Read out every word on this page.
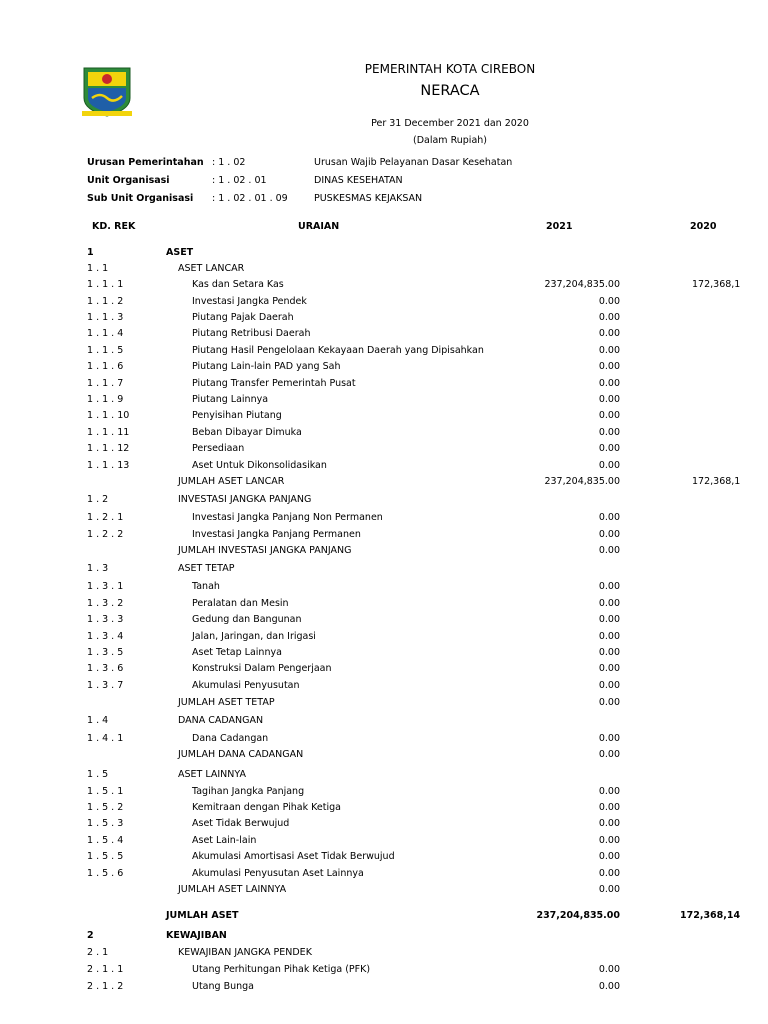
PEMERINTAH KOTA CIREBON
NERACA
Per 31 December 2021 dan 2020
(Dalam Rupiah)
Urusan Pemerintahan : 1 . 02	Urusan Wajib Pelayanan Dasar Kesehatan
Unit Organisasi	: 1 . 02 . 01	DINAS KESEHATAN
Sub Unit Organisasi : 1 . 02 . 01 . 09	PUSKESMAS KEJAKSAN
KD. REK	URAIAN	2021	2020
1	ASET
1 . 1	ASET LANCAR
1 . 1 . 1	Kas dan Setara Kas	237,204,835.00	172,368,1
1 . 1 . 2	Investasi Jangka Pendek	0.00
1 . 1 . 3	Piutang Pajak Daerah	0.00
1 . 1 . 4	Piutang Retribusi Daerah	0.00
1 . 1 . 5	Piutang Hasil Pengelolaan Kekayaan Daerah yang Dipisahkan	0.00
1 . 1 . 6	Piutang Lain-lain PAD yang Sah	0.00
1 . 1 . 7	Piutang Transfer Pemerintah Pusat	0.00
1 . 1 . 9	Piutang Lainnya	0.00
1 . 1 . 10	Penyisihan Piutang	0.00
1 . 1 . 11	Beban Dibayar Dimuka	0.00
1 . 1 . 12	Persediaan	0.00
1 . 1 . 13	Aset Untuk Dikonsolidasikan	0.00
JUMLAH ASET LANCAR	237,204,835.00	172,368,1
1 . 2	INVESTASI JANGKA PANJANG
1 . 2 . 1	Investasi Jangka Panjang Non Permanen	0.00
1 . 2 . 2	Investasi Jangka Panjang Permanen	0.00
JUMLAH INVESTASI JANGKA PANJANG	0.00
1 . 3	ASET TETAP
1 . 3 . 1	Tanah	0.00
1 . 3 . 2	Peralatan dan Mesin	0.00
1 . 3 . 3	Gedung dan Bangunan	0.00
1 . 3 . 4	Jalan, Jaringan, dan Irigasi	0.00
1 . 3 . 5	Aset Tetap Lainnya	0.00
1 . 3 . 6	Konstruksi Dalam Pengerjaan	0.00
1 . 3 . 7	Akumulasi Penyusutan	0.00
JUMLAH ASET TETAP	0.00
1 . 4	DANA CADANGAN
1 . 4 . 1	Dana Cadangan	0.00
JUMLAH DANA CADANGAN	0.00
1 . 5	ASET LAINNYA
1 . 5 . 1	Tagihan Jangka Panjang	0.00
1 . 5 . 2	Kemitraan dengan Pihak Ketiga	0.00
1 . 5 . 3	Aset Tidak Berwujud	0.00
1 . 5 . 4	Aset Lain-lain	0.00
1 . 5 . 5	Akumulasi Amortisasi Aset Tidak Berwujud	0.00
1 . 5 . 6	Akumulasi Penyusutan Aset Lainnya	0.00
JUMLAH ASET LAINNYA	0.00
JUMLAH ASET	237,204,835.00	172,368,14
2	KEWAJIBAN
2 . 1	KEWAJIBAN JANGKA PENDEK
2 . 1 . 1	Utang Perhitungan Pihak Ketiga (PFK)	0.00
2 . 1 . 2	Utang Bunga	0.00
